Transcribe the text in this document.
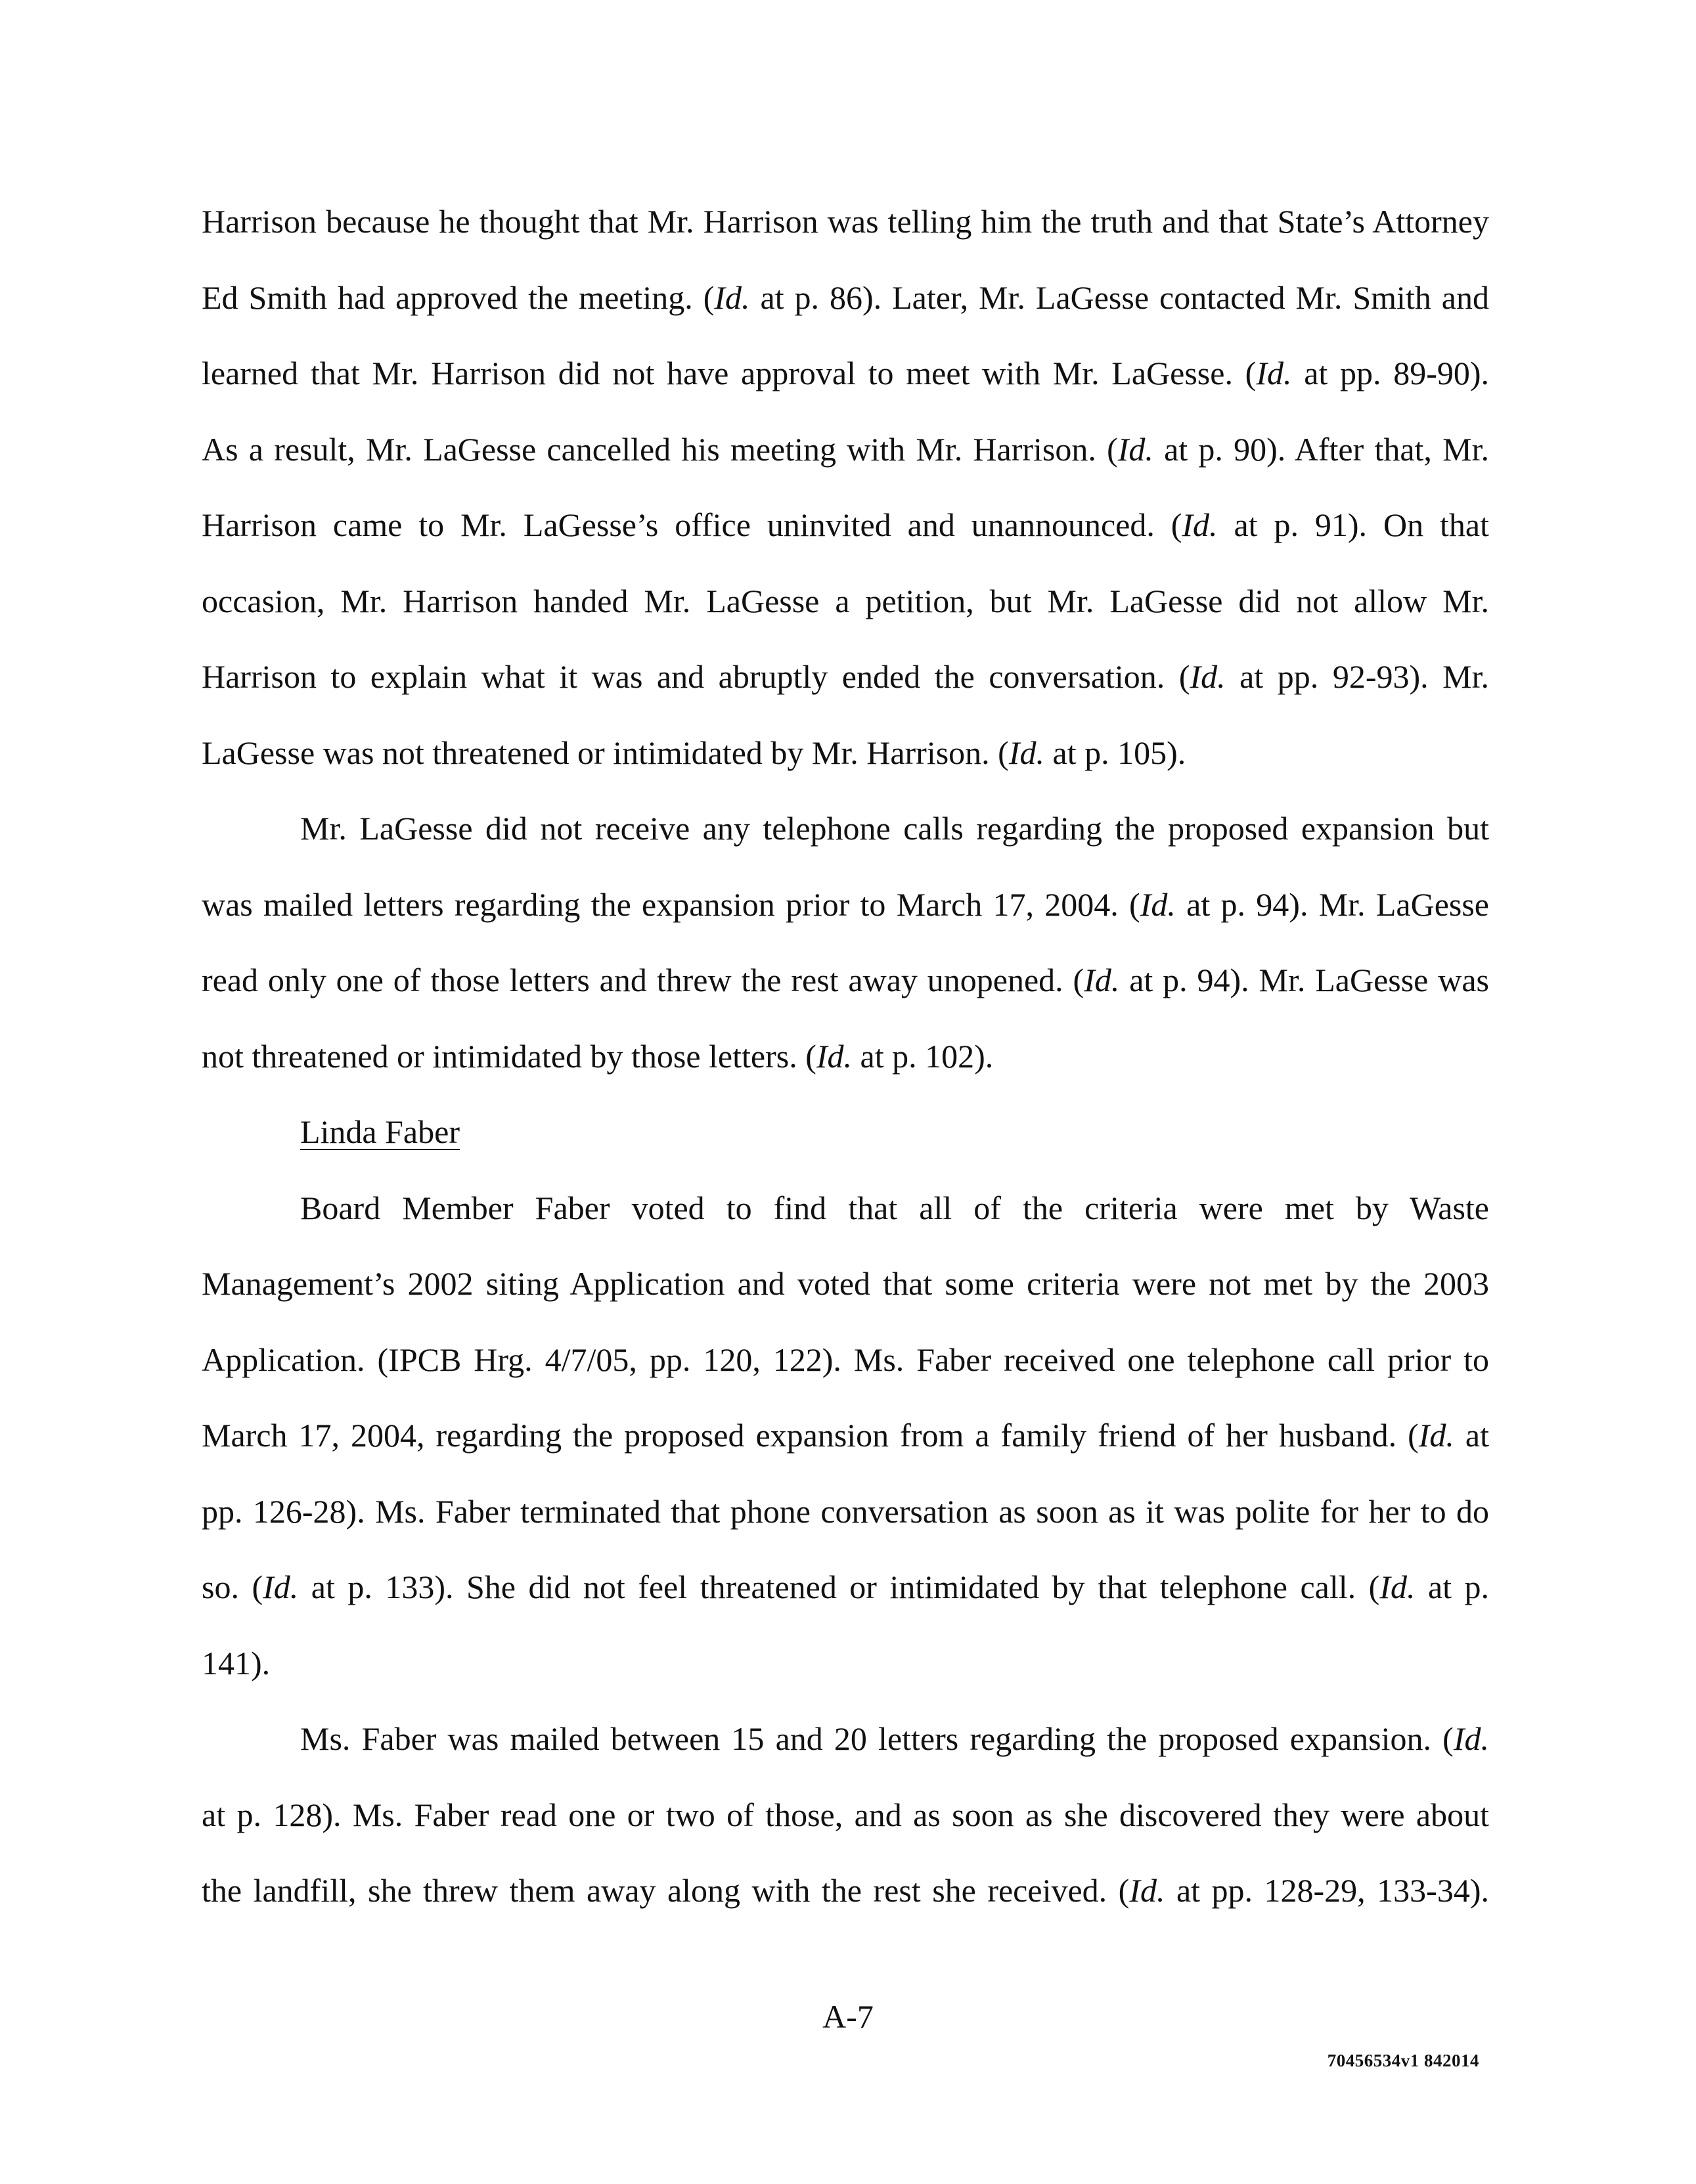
Harrison because he thought that Mr. Harrison was telling him the truth and that State’s Attorney
Ed Smith had approved the meeting. (Id. at p. 86). Later, Mr. LaGesse contacted Mr. Smith and
learned that Mr. Harrison did not have approval to meet with Mr. LaGesse. (Id. at pp. 89-90).
As a result, Mr. LaGesse cancelled his meeting with Mr. Harrison. (Id. at p. 90). After that, Mr.
Harrison came to Mr. LaGesse’s office uninvited and unannounced. (Id. at p. 91). On that
occasion, Mr. Harrison handed Mr. LaGesse a petition, but Mr. LaGesse did not allow Mr.
Harrison to explain what it was and abruptly ended the conversation. (Id. at pp. 92-93). Mr.
LaGesse was not threatened or intimidated by Mr. Harrison. (Id. at p. 105).
Mr. LaGesse did not receive any telephone calls regarding the proposed expansion but
was mailed letters regarding the expansion prior to March 17, 2004. (Id. at p. 94). Mr. LaGesse
read only one of those letters and threw the rest away unopened. (Id. at p. 94). Mr. LaGesse was
not threatened or intimidated by those letters. (Id. at p. 102).
Linda Faber
Board Member Faber voted to find that all of the criteria were met by Waste
Management’s 2002 siting Application and voted that some criteria were not met by the 2003
Application. (IPCB Hrg. 4/7/05, pp. 120, 122). Ms. Faber received one telephone call prior to
March 17, 2004, regarding the proposed expansion from a family friend of her husband. (Id. at
pp. 126-28). Ms. Faber terminated that phone conversation as soon as it was polite for her to do
so. (Id. at p. 133). She did not feel threatened or intimidated by that telephone call. (Id. at p.
141).
Ms. Faber was mailed between 15 and 20 letters regarding the proposed expansion. (Id.
at p. 128). Ms. Faber read one or two of those, and as soon as she discovered they were about
the landfill, she threw them away along with the rest she received. (Id. at pp. 128-29, 133-34).
A-7
70456534v1 842014
